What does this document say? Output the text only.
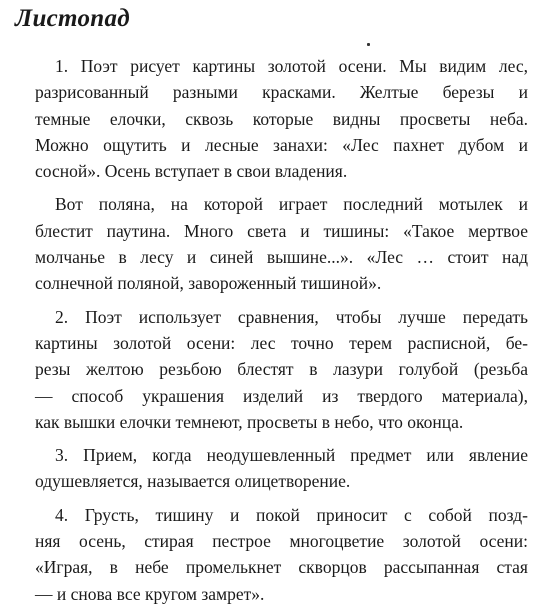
Листопад
1. Поэт рисует картины золотой осени. Мы видим лес,
разрисованный разными красками. Желтые березы и
темные елочки, сквозь которые видны просветы неба.
Можно ощутить и лесные занахи: «Лес пахнет дубом и
сосной». Осень вступает в свои владения.
Вот поляна, на которой играет последний мотылек и
блестит паутина. Много света и тишины: «Такое мертвое
молчанье в лесу и синей вышине...». «Лес … стоит над
солнечной поляной, завороженный тишиной».
2. Поэт использует сравнения, чтобы лучше передать
картины золотой осени: лес точно терем расписной, бе-
резы желтою резьбою блестят в лазури голубой (резьба
— способ украшения изделий из твердого материала),
как вышки елочки темнеют, просветы в небо, что оконца.
3. Прием, когда неодушевленный предмет или явление
одушевляется, называется олицетворение.
4. Грусть, тишину и покой приносит с собой позд-
няя осень, стирая пестрое многоцветие золотой осени:
«Играя, в небе промелькнет скворцов рассыпанная стая
— и снова все кругом замрет».
